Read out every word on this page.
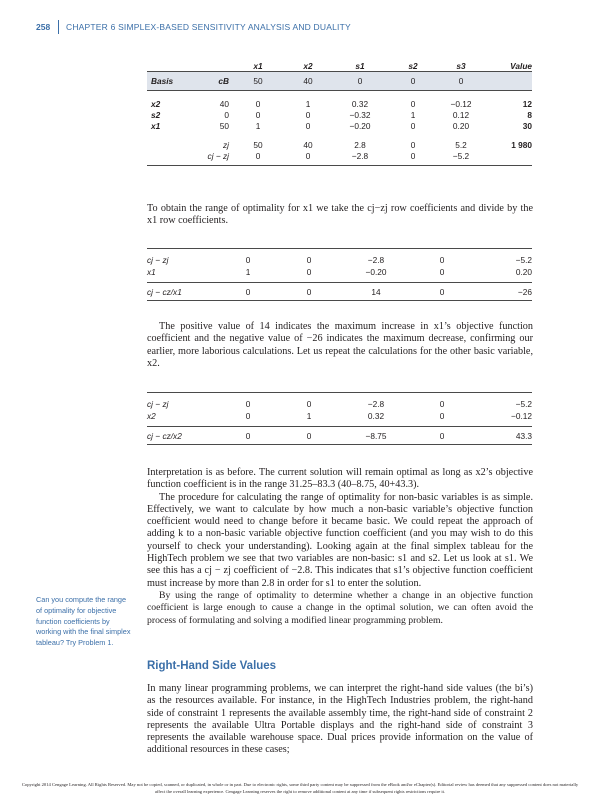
258 CHAPTER 6 SIMPLEX-BASED SENSITIVITY ANALYSIS AND DUALITY
		x1	x2	s1	s2	s3	Value
Basis	cB	50	40	0	0	0	

x2	40	0	1	0.32	0	−0.12	12
s2	0	0	0	−0.32	1	0.12	8
x1	50	1	0	−0.20	0	0.20	30

	zj	50	40	2.8	0	5.2	1 980
	cj − zj	0	0	−2.8	0	−5.2	

To obtain the range of optimality for x1 we take the cj−zj row coefficients and divide by the x1 row coefficients.

cj − zj	0	0	−2.8	0	−5.2
x1	1	0	−0.20	0	0.20
cj − cz/x1	0	0	14	0	−26

The positive value of 14 indicates the maximum increase in x1’s objective function coefficient and the negative value of −26 indicates the maximum decrease, confirming our earlier, more laborious calculations. Let us repeat the calculations for the other basic variable, x2.

cj − zj	0	0	−2.8	0	−5.2
x2	0	1	0.32	0	−0.12
cj − cz/x2	0	0	−8.75	0	43.3

Interpretation is as before. The current solution will remain optimal as long as x2’s objective function coefficient is in the range 31.25–83.3 (40–8.75, 40+43.3).

The procedure for calculating the range of optimality for non-basic variables is as simple. Effectively, we want to calculate by how much a non-basic variable’s objective function coefficient would need to change before it became basic. We could repeat the approach of adding k to a non-basic variable objective function coefficient (and you may wish to do this yourself to check your understanding). Looking again at the final simplex tableau for the HighTech problem we see that two variables are non-basic: s1 and s2. Let us look at s1. We see this has a cj − zj coefficient of −2.8. This indicates that s1’s objective function coefficient must increase by more than 2.8 in order for s1 to enter the solution.

By using the range of optimality to determine whether a change in an objective function coefficient is large enough to cause a change in the optimal solution, we can often avoid the process of formulating and solving a modified linear programming problem.

Can you compute the range of optimality for objective function coefficients by working with the final simplex tableau? Try Problem 1.
Right-Hand Side Values

In many linear programming problems, we can interpret the right-hand side values (the bi’s) as the resources available. For instance, in the HighTech Industries problem, the right-hand side of constraint 1 represents the available assembly time, the right-hand side of constraint 2 represents the available Ultra Portable displays and the right-hand side of constraint 3 represents the available warehouse space. Dual prices provide information on the value of additional resources in these cases;

Copyright 2014 Cengage Learning. All Rights Reserved. May not be copied, scanned, or duplicated, in whole or in part. Due to electronic rights, some third party content may be suppressed from the eBook and/or eChapter(s). Editorial review has deemed that any suppressed content does not materially affect the overall learning experience. Cengage Learning reserves the right to remove additional content at any time if subsequent rights restrictions require it.
